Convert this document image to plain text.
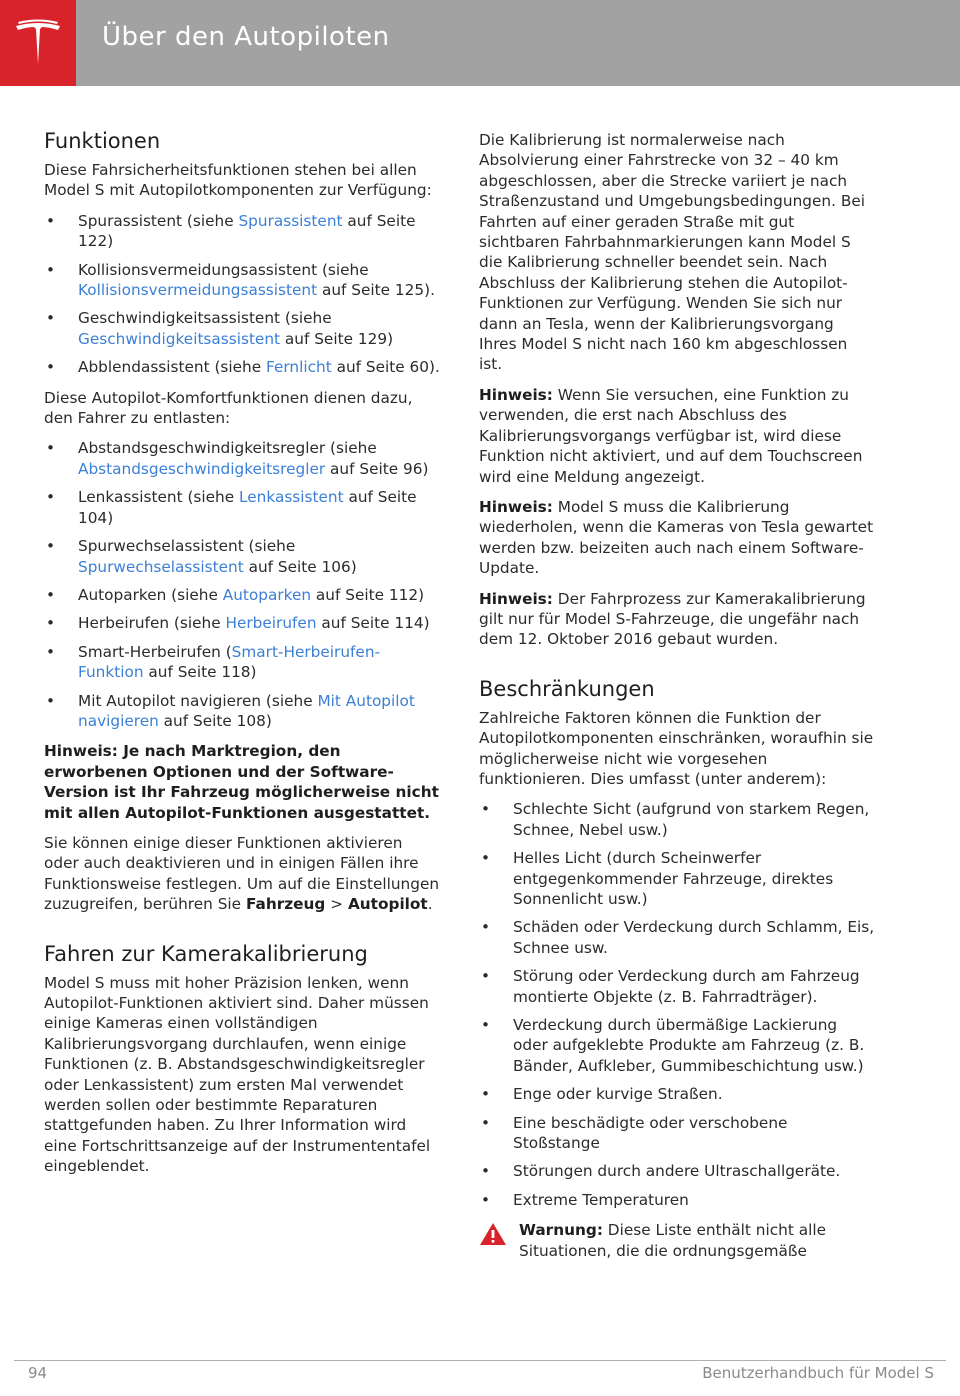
Über den Autopiloten
Funktionen

Diese Fahrsicherheitsfunktionen stehen bei allen Model S mit Autopilotkomponenten zur Verfügung:

• Spurassistent (siehe Spurassistent auf Seite 122)
• Kollisionsvermeidungsassistent (siehe Kollisionsvermeidungsassistent auf Seite 125).
• Geschwindigkeitsassistent (siehe Geschwindigkeitsassistent auf Seite 129)
• Abblendassistent (siehe Fernlicht auf Seite 60).

Diese Autopilot-Komfortfunktionen dienen dazu, den Fahrer zu entlasten:

• Abstandsgeschwindigkeitsregler (siehe Abstandsgeschwindigkeitsregler auf Seite 96)
• Lenkassistent (siehe Lenkassistent auf Seite 104)
• Spurwechselassistent (siehe Spurwechselassistent auf Seite 106)
• Autoparken (siehe Autoparken auf Seite 112)
• Herbeirufen (siehe Herbeirufen auf Seite 114)
• Smart-Herbeirufen (Smart-Herbeirufen-Funktion auf Seite 118)
• Mit Autopilot navigieren (siehe Mit Autopilot navigieren auf Seite 108)

Hinweis: Je nach Marktregion, den erworbenen Optionen und der Software-Version ist Ihr Fahrzeug möglicherweise nicht mit allen Autopilot-Funktionen ausgestattet.

Sie können einige dieser Funktionen aktivieren oder auch deaktivieren und in einigen Fällen ihre Funktionsweise festlegen. Um auf die Einstellungen zuzugreifen, berühren Sie Fahrzeug > Autopilot.

Fahren zur Kamerakalibrierung

Model S muss mit hoher Präzision lenken, wenn Autopilot-Funktionen aktiviert sind. Daher müssen einige Kameras einen vollständigen Kalibrierungsvorgang durchlaufen, wenn einige Funktionen (z. B. Abstandsgeschwindigkeitsregler oder Lenkassistent) zum ersten Mal verwendet werden sollen oder bestimmte Reparaturen stattgefunden haben. Zu Ihrer Information wird eine Fortschrittsanzeige auf der Instrumententafel eingeblendet.

Die Kalibrierung ist normalerweise nach Absolvierung einer Fahrstrecke von 32 – 40 km abgeschlossen, aber die Strecke variiert je nach Straßenzustand und Umgebungsbedingungen. Bei Fahrten auf einer geraden Straße mit gut sichtbaren Fahrbahnmarkierungen kann Model S die Kalibrierung schneller beendet sein. Nach Abschluss der Kalibrierung stehen die Autopilot-Funktionen zur Verfügung. Wenden Sie sich nur dann an Tesla, wenn der Kalibrierungsvorgang Ihres Model S nicht nach 160 km abgeschlossen ist.

Hinweis: Wenn Sie versuchen, eine Funktion zu verwenden, die erst nach Abschluss des Kalibrierungsvorgangs verfügbar ist, wird diese Funktion nicht aktiviert, und auf dem Touchscreen wird eine Meldung angezeigt.

Hinweis: Model S muss die Kalibrierung wiederholen, wenn die Kameras von Tesla gewartet werden bzw. beizeiten auch nach einem Software-Update.

Hinweis: Der Fahrprozess zur Kamerakalibrierung gilt nur für Model S-Fahrzeuge, die ungefähr nach dem 12. Oktober 2016 gebaut wurden.

Beschränkungen

Zahlreiche Faktoren können die Funktion der Autopilotkomponenten einschränken, woraufhin sie möglicherweise nicht wie vorgesehen funktionieren. Dies umfasst (unter anderem):

• Schlechte Sicht (aufgrund von starkem Regen, Schnee, Nebel usw.)
• Helles Licht (durch Scheinwerfer entgegenkommender Fahrzeuge, direktes Sonnenlicht usw.)
• Schäden oder Verdeckung durch Schlamm, Eis, Schnee usw.
• Störung oder Verdeckung durch am Fahrzeug montierte Objekte (z. B. Fahrradträger).
• Verdeckung durch übermäßige Lackierung oder aufgeklebte Produkte am Fahrzeug (z. B. Bänder, Aufkleber, Gummibeschichtung usw.)
• Enge oder kurvige Straßen.
• Eine beschädigte oder verschobene Stoßstange
• Störungen durch andere Ultraschallgeräte.
• Extreme Temperaturen

Warnung: Diese Liste enthält nicht alle Situationen, die die ordnungsgemäße

94	Benutzerhandbuch für Model S
